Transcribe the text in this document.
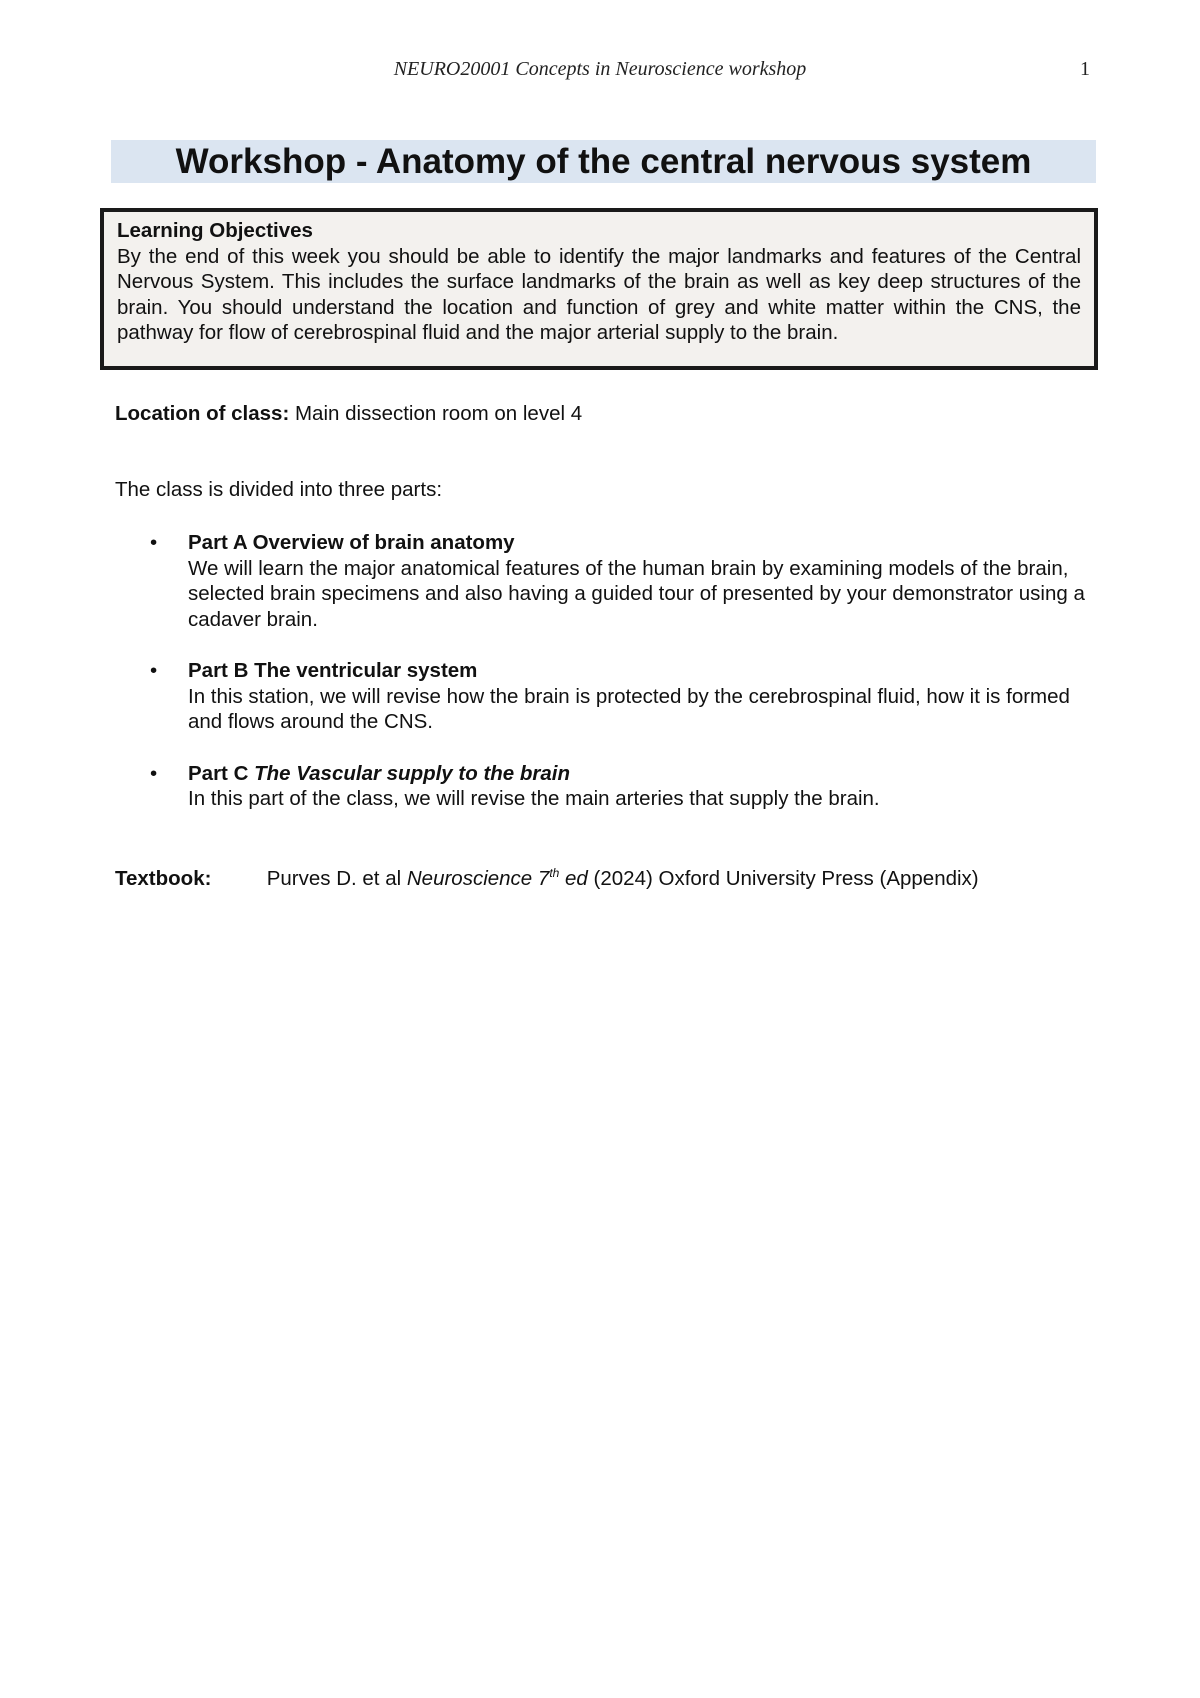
NEURO20001 Concepts in Neuroscience workshop	1
Workshop - Anatomy of the central nervous system
Learning Objectives
By the end of this week you should be able to identify the major landmarks and features of the Central Nervous System. This includes the surface landmarks of the brain as well as key deep structures of the brain. You should understand the location and function of grey and white matter within the CNS, the pathway for flow of cerebrospinal fluid and the major arterial supply to the brain.
Location of class: Main dissection room on level 4
The class is divided into three parts:
• Part A Overview of brain anatomy
We will learn the major anatomical features of the human brain by examining models of the brain, selected brain specimens and also having a guided tour of presented by your demonstrator using a cadaver brain.
• Part B The ventricular system
In this station, we will revise how the brain is protected by the cerebrospinal fluid, how it is formed and flows around the CNS.
• Part C The Vascular supply to the brain
In this part of the class, we will revise the main arteries that supply the brain.
Textbook:	Purves D. et al Neuroscience 7th ed (2024) Oxford University Press (Appendix)
